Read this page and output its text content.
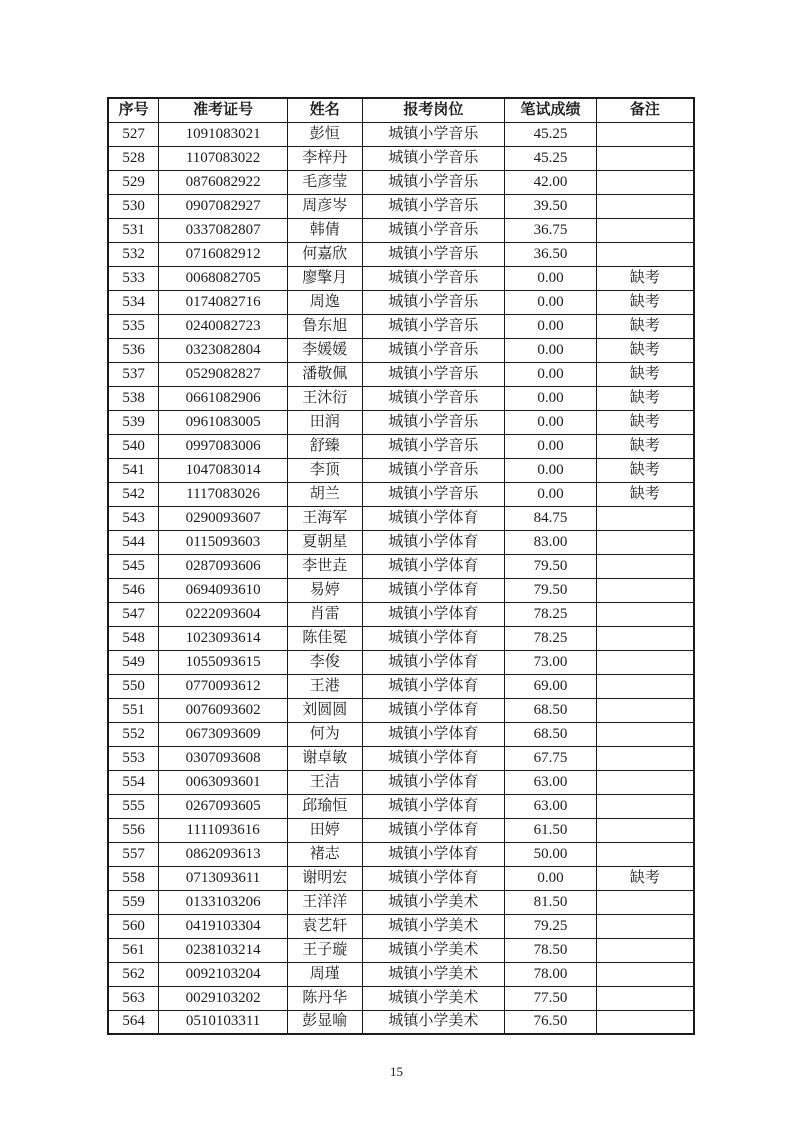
序号	准考证号	姓名	报考岗位	笔试成绩	备注
527	1091083021	彭恒	城镇小学音乐	45.25	
528	1107083022	李梓丹	城镇小学音乐	45.25	
529	0876082922	毛彦莹	城镇小学音乐	42.00	
530	0907082927	周彦岑	城镇小学音乐	39.50	
531	0337082807	韩倩	城镇小学音乐	36.75	
532	0716082912	何嘉欣	城镇小学音乐	36.50	
533	0068082705	廖擎月	城镇小学音乐	0.00	缺考
534	0174082716	周逸	城镇小学音乐	0.00	缺考
535	0240082723	鲁东旭	城镇小学音乐	0.00	缺考
536	0323082804	李媛媛	城镇小学音乐	0.00	缺考
537	0529082827	潘敬佩	城镇小学音乐	0.00	缺考
538	0661082906	王沐衍	城镇小学音乐	0.00	缺考
539	0961083005	田润	城镇小学音乐	0.00	缺考
540	0997083006	舒臻	城镇小学音乐	0.00	缺考
541	1047083014	李顶	城镇小学音乐	0.00	缺考
542	1117083026	胡兰	城镇小学音乐	0.00	缺考
543	0290093607	王海军	城镇小学体育	84.75	
544	0115093603	夏朝星	城镇小学体育	83.00	
545	0287093606	李世垚	城镇小学体育	79.50	
546	0694093610	易婷	城镇小学体育	79.50	
547	0222093604	肖雷	城镇小学体育	78.25	
548	1023093614	陈佳冕	城镇小学体育	78.25	
549	1055093615	李俊	城镇小学体育	73.00	
550	0770093612	王港	城镇小学体育	69.00	
551	0076093602	刘圆圆	城镇小学体育	68.50	
552	0673093609	何为	城镇小学体育	68.50	
553	0307093608	谢卓敏	城镇小学体育	67.75	
554	0063093601	王洁	城镇小学体育	63.00	
555	0267093605	邱瑜恒	城镇小学体育	63.00	
556	1111093616	田婷	城镇小学体育	61.50	
557	0862093613	褚志	城镇小学体育	50.00	
558	0713093611	谢明宏	城镇小学体育	0.00	缺考
559	0133103206	王洋洋	城镇小学美术	81.50	
560	0419103304	袁艺轩	城镇小学美术	79.25	
561	0238103214	王子璇	城镇小学美术	78.50	
562	0092103204	周瑾	城镇小学美术	78.00	
563	0029103202	陈丹华	城镇小学美术	77.50	
564	0510103311	彭显喻	城镇小学美术	76.50	
15
